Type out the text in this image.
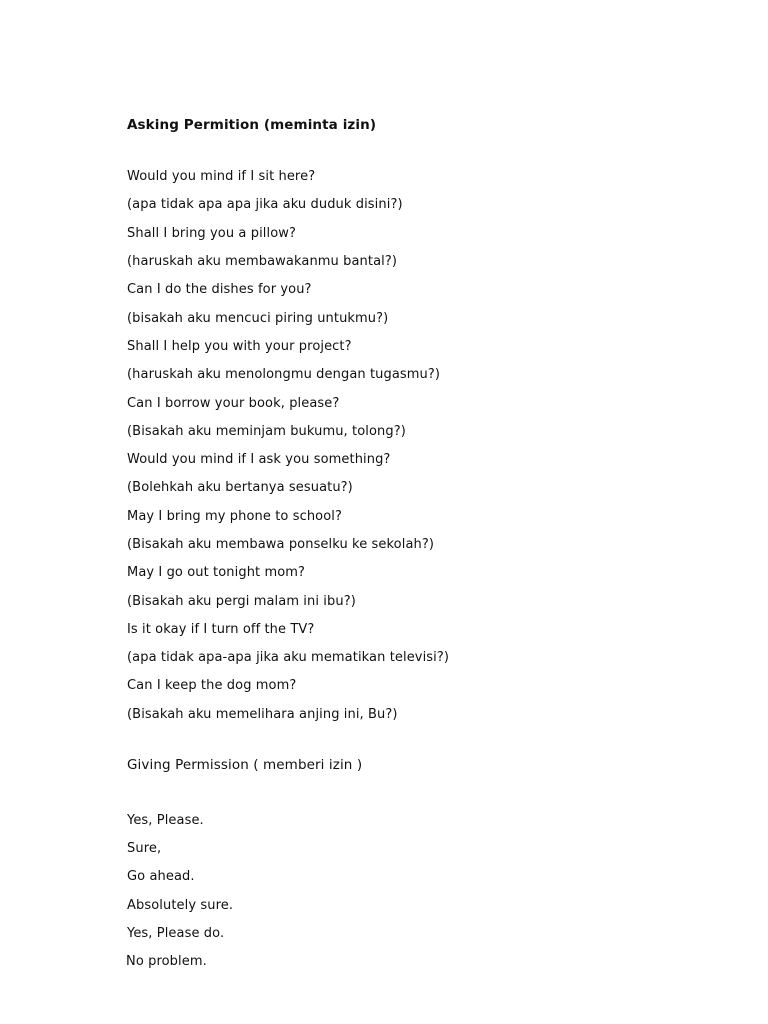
Asking Permition (meminta izin)
Would you mind if I sit here?
(apa tidak apa apa jika aku duduk disini?)
Shall I bring you a pillow?
(haruskah aku membawakanmu bantal?)
Can I do the dishes for you?
(bisakah aku mencuci piring untukmu?)
Shall I help you with your project?
(haruskah aku menolongmu dengan tugasmu?)
Can I borrow your book, please?
(Bisakah aku meminjam bukumu, tolong?)
Would you mind if I ask you something?
(Bolehkah aku bertanya sesuatu?)
May I bring my phone to school?
(Bisakah aku membawa ponselku ke sekolah?)
May I go out tonight mom?
(Bisakah aku pergi malam ini ibu?)
Is it okay if I turn off the TV?
(apa tidak apa-apa jika aku mematikan televisi?)
Can I keep the dog mom?
(Bisakah aku memelihara anjing ini, Bu?)
Giving Permission ( memberi izin )
Yes, Please.
Sure,
Go ahead.
Absolutely sure.
Yes, Please do.
No problem.
